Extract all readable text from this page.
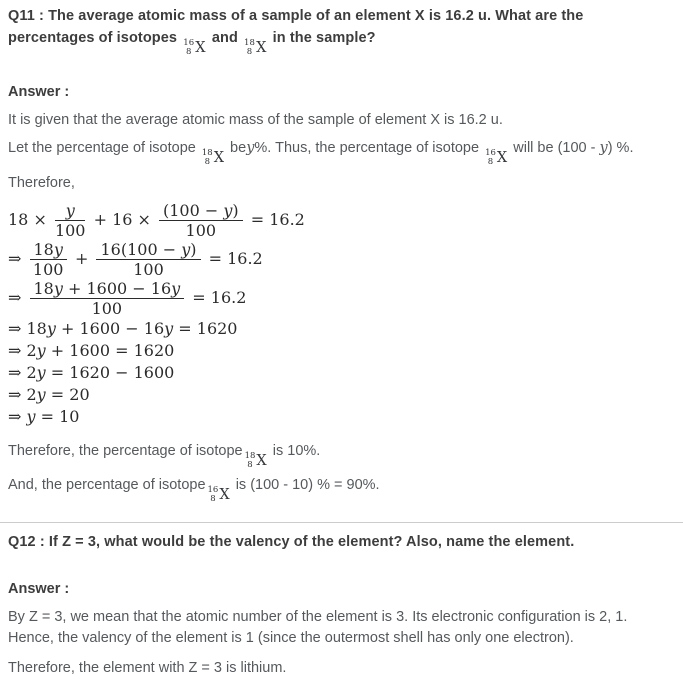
Q11 : The average atomic mass of a sample of an element X is 16.2 u. What are the percentages of isotopes 16
8 X
and 18
8 X
in the sample?
Answer :

It is given that the average atomic mass of the sample of element X is 16.2 u.

Let the percentage of isotope 18
8 X
bey%. Thus, the percentage of isotope 16
8 X
will be (100 - y) %.

Therefore,

$18 \times \frac{y}{100} + 16 \times \frac{(100 - y)}{100} = 16.2$
⇒ $\frac{18y}{100} + \frac{16(100 - y)}{100} = 16.2$
⇒ $\frac{18y + 1600 - 16y}{100} = 16.2$
⇒ 18y + 1600 − 16y = 1620
⇒ 2y + 1600 = 1620
⇒ 2y = 1620 − 1600
⇒ 2y = 20
⇒ y = 10

Therefore, the percentage of isotope 18
8 X
is 10%.

And, the percentage of isotope 16
8 X
is (100 - 10) % = 90%.

Q12 : If Z = 3, what would be the valency of the element? Also, name the element.
Answer :

By Z = 3, we mean that the atomic number of the element is 3. Its electronic configuration is 2, 1. Hence, the valency of the element is 1 (since the outermost shell has only one electron).

Therefore, the element with Z = 3 is lithium.
